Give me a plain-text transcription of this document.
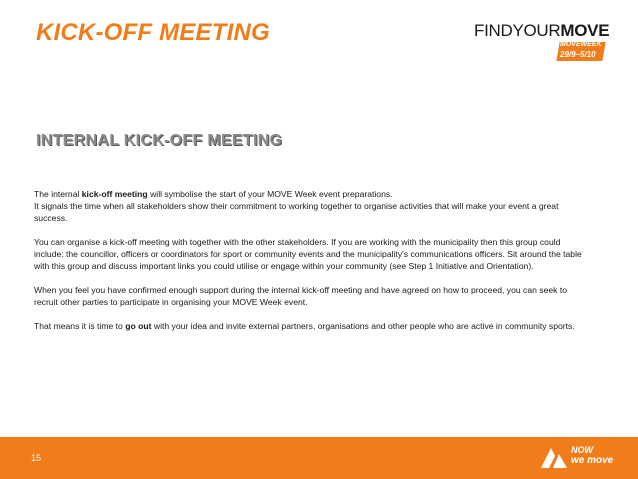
KICK-OFF MEETING	FINDYOURMOVE
MOVEWEEK
29/9–5/10
INTERNAL KICK-OFF MEETING

The internal kick-off meeting will symbolise the start of your MOVE Week event preparations.
It signals the time when all stakeholders show their commitment to working together to organise activities that will make your event a great success.

You can organise a kick-off meeting with together with the other stakeholders. If you are working with the municipality then this group could include: the councillor, officers or coordinators for sport or community events and the municipality's communications officers. Sit around the table with this group and discuss important links you could utilise or engage within your community (see Step 1 Initiative and Orientation).

When you feel you have confirmed enough support during the internal kick-off meeting and have agreed on how to proceed, you can seek to recruit other parties to participate in organising your MOVE Week event.

That means it is time to go out with your idea and invite external partners, organisations and other people who are active in community sports.

15
NOW
we move
